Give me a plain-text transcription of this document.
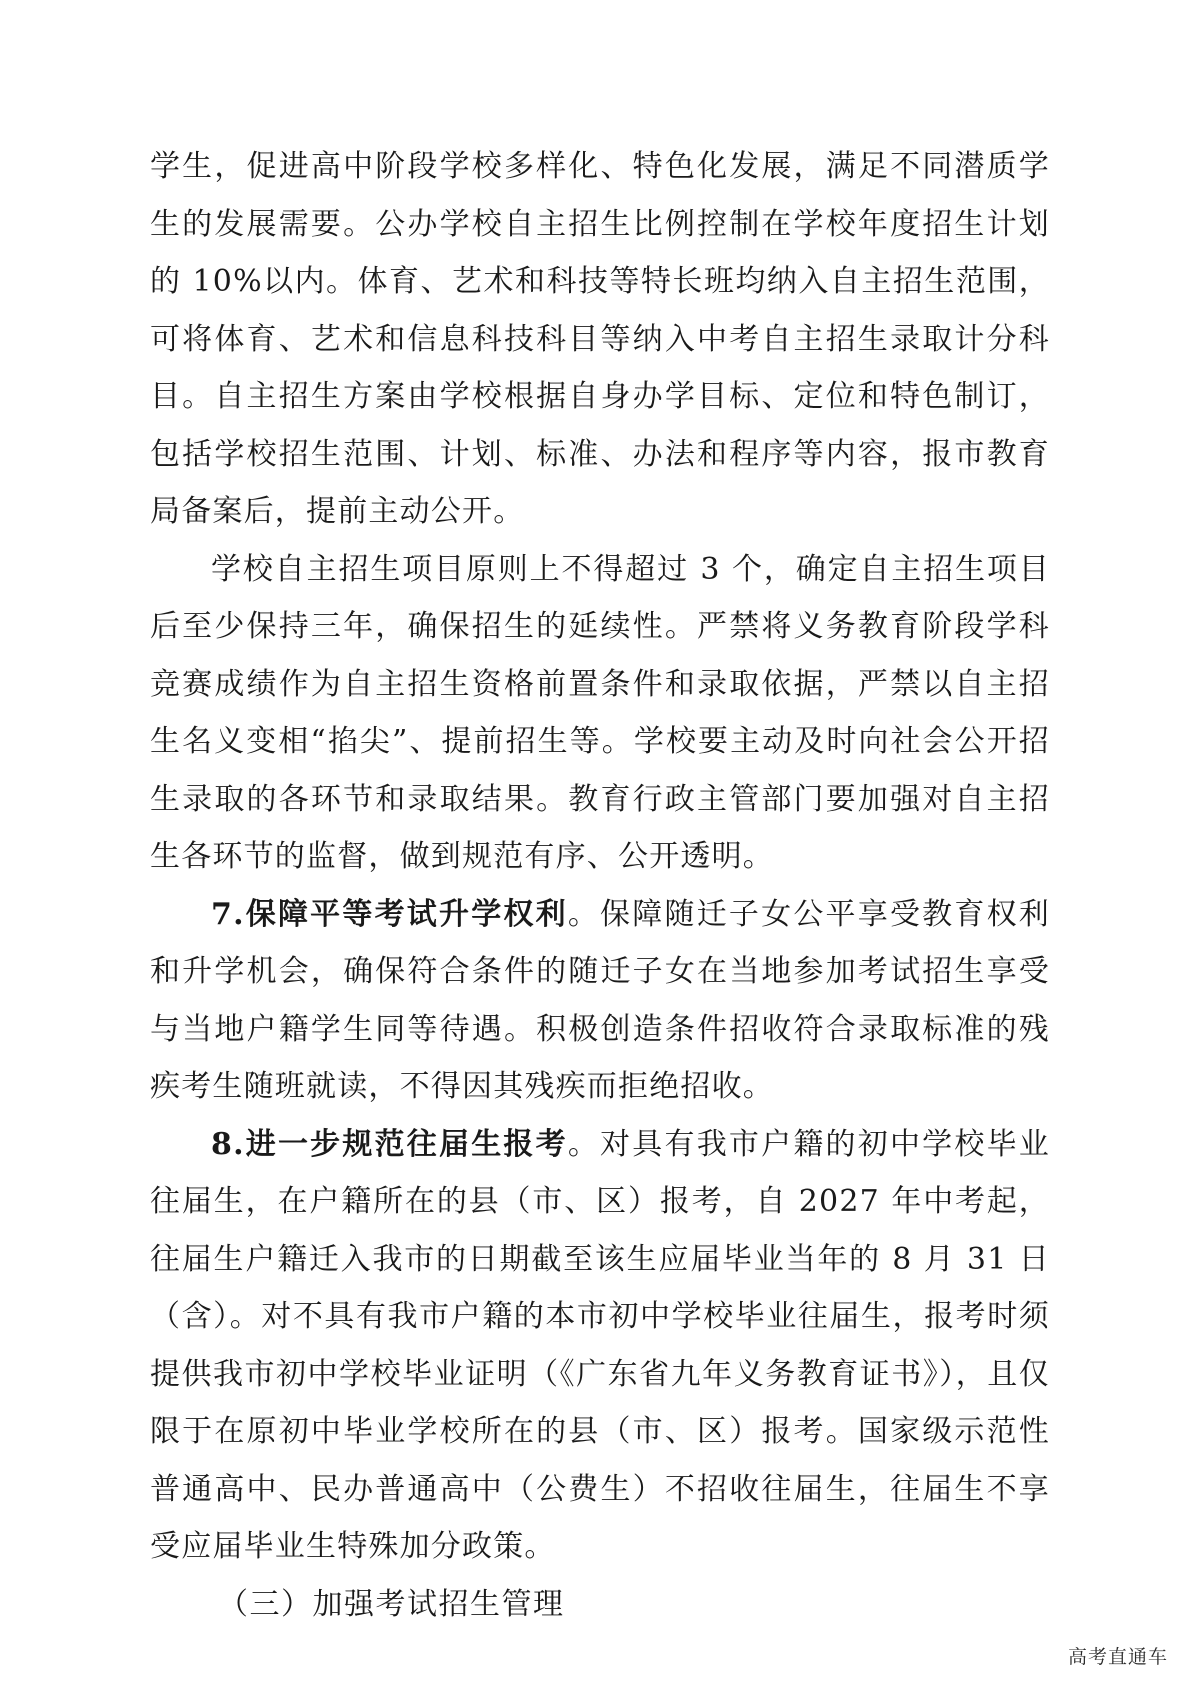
学生，促进高中阶段学校多样化、特色化发展，满足不同潜质学生的发展需要。公办学校自主招生比例控制在学校年度招生计划的 10%以内。体育、艺术和科技等特长班均纳入自主招生范围，可将体育、艺术和信息科技科目等纳入中考自主招生录取计分科目。自主招生方案由学校根据自身办学目标、定位和特色制订，包括学校招生范围、计划、标准、办法和程序等内容，报市教育局备案后，提前主动公开。

学校自主招生项目原则上不得超过 3 个，确定自主招生项目后至少保持三年，确保招生的延续性。严禁将义务教育阶段学科竞赛成绩作为自主招生资格前置条件和录取依据，严禁以自主招生名义变相“掐尖”、提前招生等。学校要主动及时向社会公开招生录取的各环节和录取结果。教育行政主管部门要加强对自主招生各环节的监督，做到规范有序、公开透明。

7.保障平等考试升学权利。保障随迁子女公平享受教育权利和升学机会，确保符合条件的随迁子女在当地参加考试招生享受与当地户籍学生同等待遇。积极创造条件招收符合录取标准的残疾考生随班就读，不得因其残疾而拒绝招收。

8.进一步规范往届生报考。对具有我市户籍的初中学校毕业往届生，在户籍所在的县（市、区）报考，自 2027 年中考起，往届生户籍迁入我市的日期截至该生应届毕业当年的 8 月 31 日（含）。对不具有我市户籍的本市初中学校毕业往届生，报考时须提供我市初中学校毕业证明（《广东省九年义务教育证书》），且仅限于在原初中毕业学校所在的县（市、区）报考。国家级示范性普通高中、民办普通高中（公费生）不招收往届生，往届生不享受应届毕业生特殊加分政策。

（三）加强考试招生管理

高考直通车
